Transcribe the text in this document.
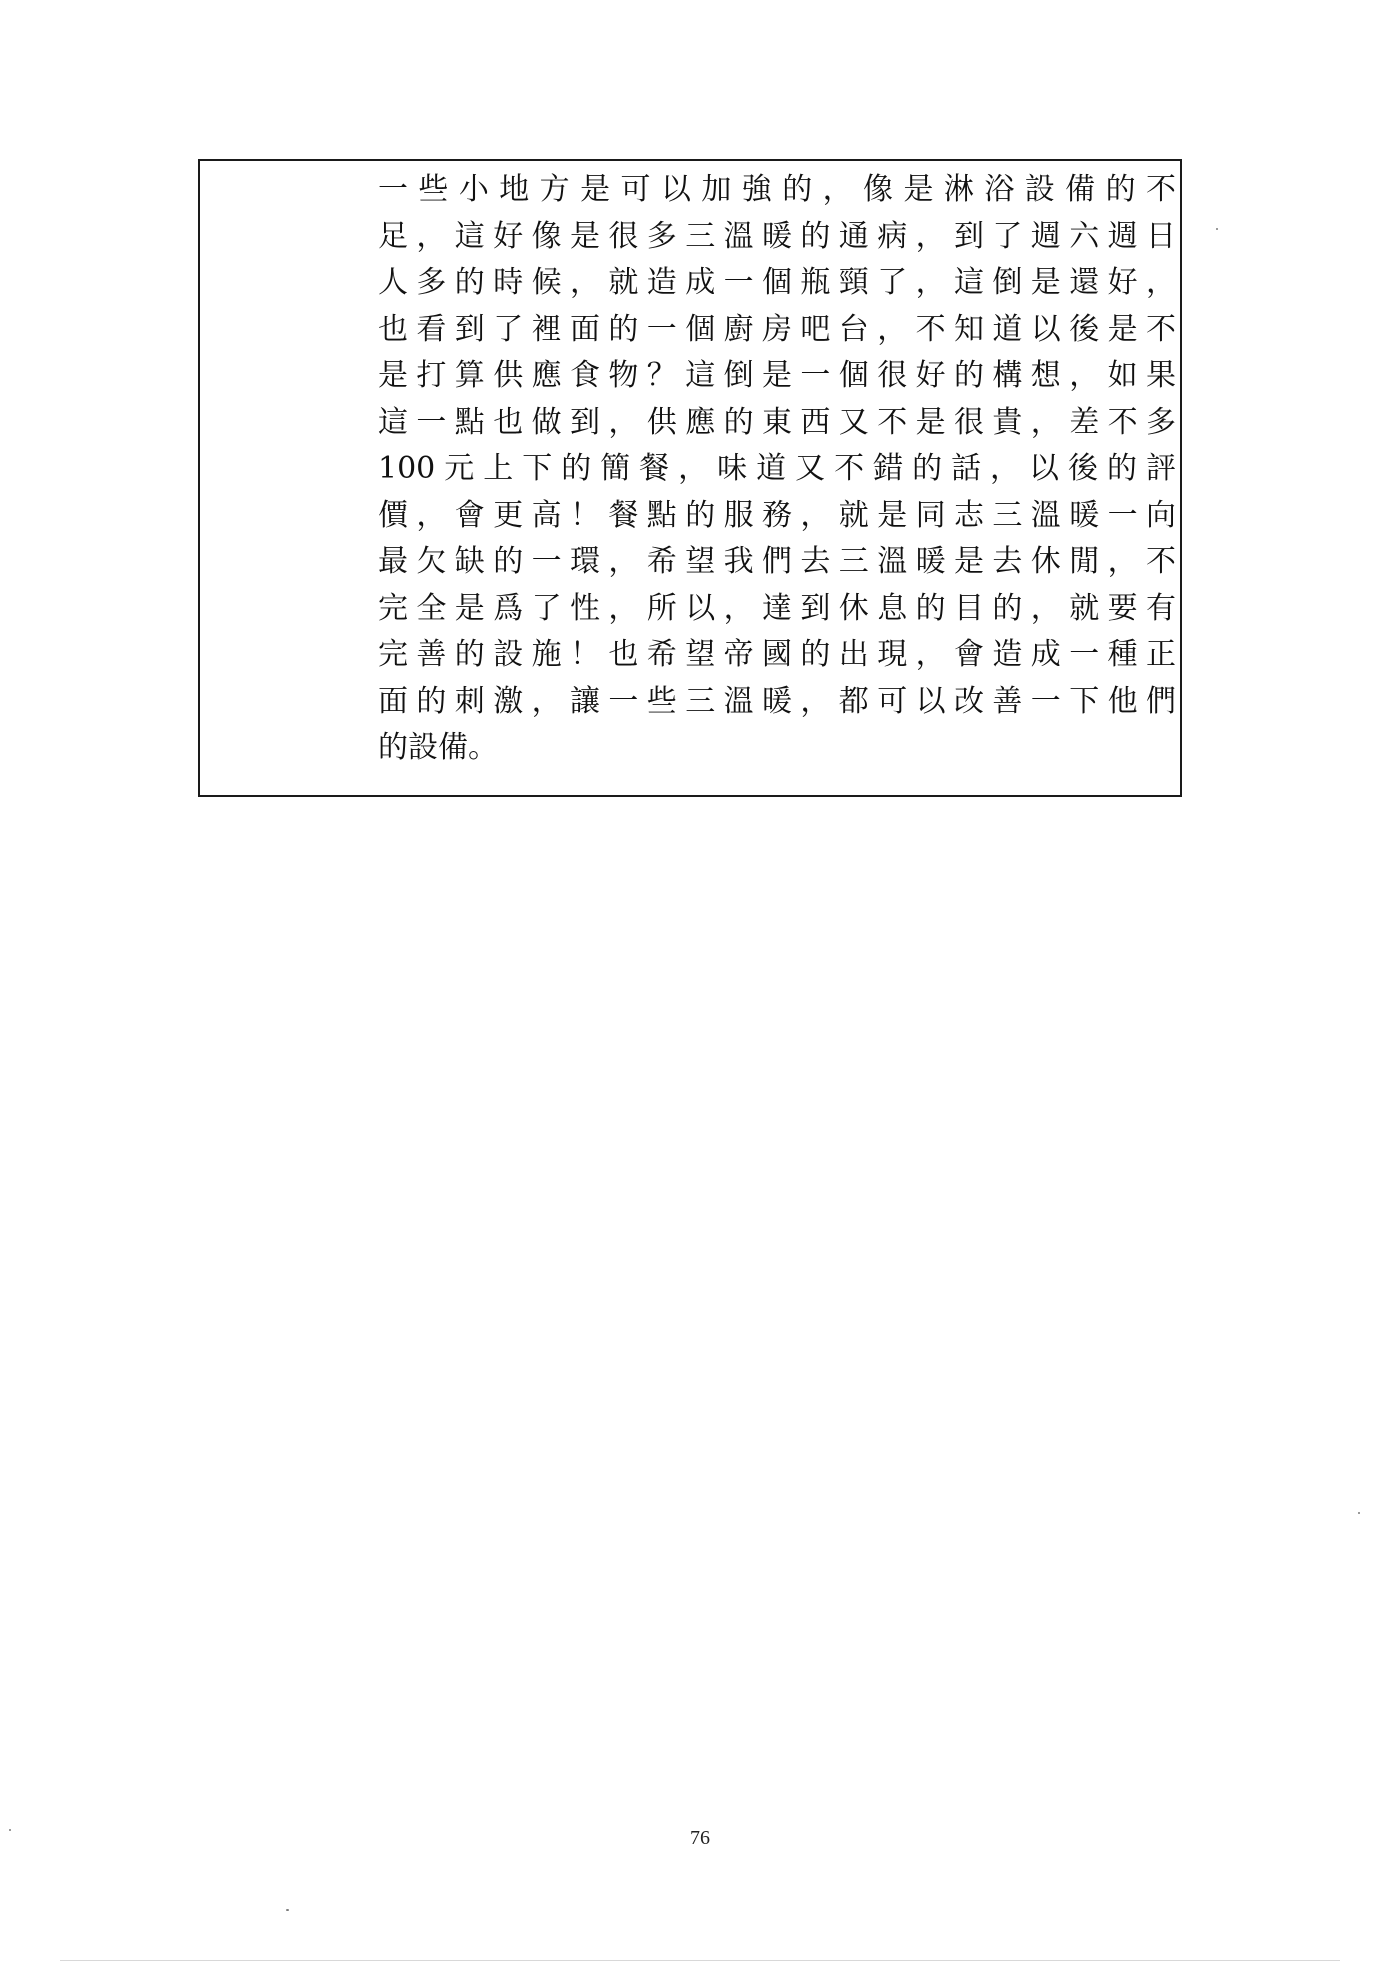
一些小地方是可以加強的，像是淋浴設備的不
足，這好像是很多三溫暖的通病，到了週六週日
人多的時候，就造成一個瓶頸了，這倒是還好，
也看到了裡面的一個廚房吧台，不知道以後是不
是打算供應食物？這倒是一個很好的構想，如果
這一點也做到，供應的東西又不是很貴，差不多
100元上下的簡餐，味道又不錯的話，以後的評
價，會更高！餐點的服務，就是同志三溫暖一向
最欠缺的一環，希望我們去三溫暖是去休閒，不
完全是爲了性，所以，達到休息的目的，就要有
完善的設施！也希望帝國的出現，會造成一種正
面的刺激，讓一些三溫暖，都可以改善一下他們
的設備。
76
